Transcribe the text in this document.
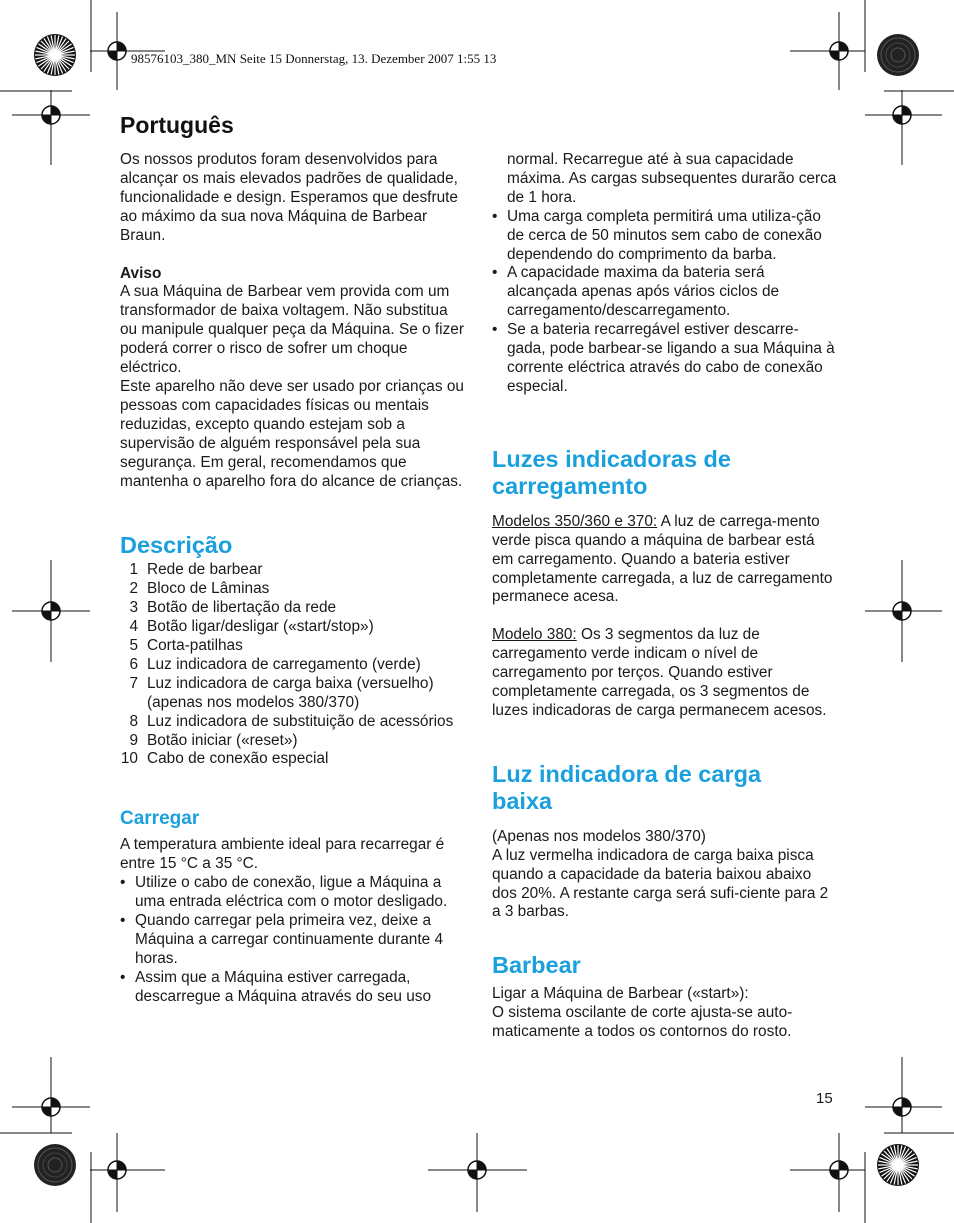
98576103_380_MN Seite 15 Donnerstag, 13. Dezember 2007 1:55 13
Português

Os nossos produtos foram desenvolvidos para alcançar os mais elevados padrões de qualidade, funcionalidade e design. Esperamos que desfrute ao máximo da sua nova Máquina de Barbear Braun.

Aviso

A sua Máquina de Barbear vem provida com um transformador de baixa voltagem. Não substitua ou manipule qualquer peça da Máquina. Se o fizer poderá correr o risco de sofrer um choque eléctrico.

Este aparelho não deve ser usado por crianças ou pessoas com capacidades físicas ou mentais reduzidas, excepto quando estejam sob a supervisão de alguém responsável pela sua segurança. Em geral, recomendamos que mantenha o aparelho fora do alcance de crianças.

Descrição
1 Rede de barbear
2 Bloco de Lâminas
3 Botão de libertação da rede
4 Botão ligar/desligar («start/stop»)
5 Corta-patilhas
6 Luz indicadora de carregamento (verde)
7 Luz indicadora de carga baixa (versuelho) (apenas nos modelos 380/370)
8 Luz indicadora de substituição de acessórios
9 Botão iniciar («reset»)
10 Cabo de conexão especial
Carregar

A temperatura ambiente ideal para recarregar é entre 15 °C a 35 °C.

• Utilize o cabo de conexão, ligue a Máquina a uma entrada eléctrica com o motor desligado.
• Quando carregar pela primeira vez, deixe a Máquina a carregar continuamente durante 4 horas.
• Assim que a Máquina estiver carregada, descarregue a Máquina através do seu uso

normal. Recarregue até à sua capacidade máxima. As cargas subsequentes durarão cerca de 1 hora.

• Uma carga completa permitirá uma utiliza-ção de cerca de 50 minutos sem cabo de conexão dependendo do comprimento da barba.
• A capacidade maxima da bateria será alcançada apenas após vários ciclos de carregamento/descarregamento.
• Se a bateria recarregável estiver descarre-gada, pode barbear-se ligando a sua Máquina à corrente eléctrica através do cabo de conexão especial.
Luzes indicadoras de carregamento

Modelos 350/360 e 370: A luz de carrega-mento verde pisca quando a máquina de barbear está em carregamento. Quando a bateria estiver completamente carregada, a luz de carregamento permanece acesa.

Modelo 380: Os 3 segmentos da luz de carregamento verde indicam o nível de carregamento por terços. Quando estiver completamente carregada, os 3 segmentos de luzes indicadoras de carga permanecem acesos.

Luz indicadora de carga baixa

(Apenas nos modelos 380/370)

A luz vermelha indicadora de carga baixa pisca quando a capacidade da bateria baixou abaixo dos 20%. A restante carga será sufi-ciente para 2 a 3 barbas.

Barbear

Ligar a Máquina de Barbear («start»):

O sistema oscilante de corte ajusta-se auto-maticamente a todos os contornos do rosto.

15
